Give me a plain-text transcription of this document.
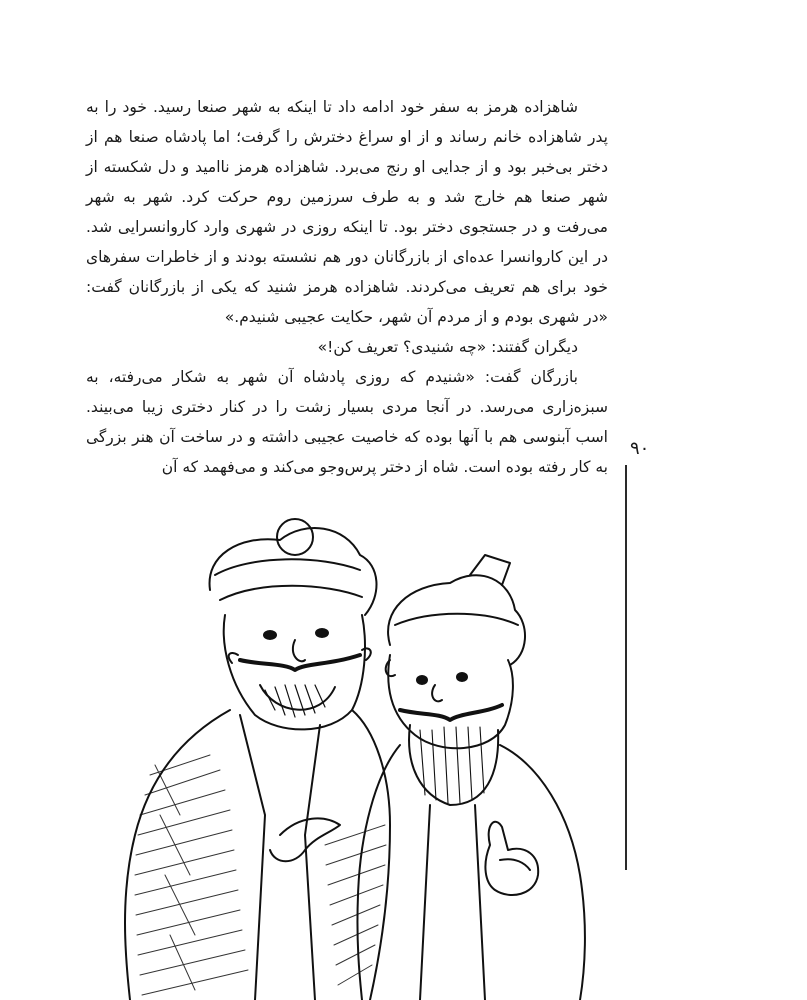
شاهزاده هرمز به سفر خود ادامه داد تا اینکه به شهر صنعا رسید. خود را به پدر شاهزاده خانم رساند و از او سراغ دخترش را گرفت؛ اما پادشاه صنعا هم از دختر بی‌خبر بود و از جدایی او رنج می‌برد. شاهزاده هرمز ناامید و دل شکسته از شهر صنعا هم خارج شد و به طرف سرزمین روم حرکت کرد. شهر به شهر می‌رفت و در جستجوی دختر بود. تا اینکه روزی در شهری وارد کاروانسرایی شد. در این کاروانسرا عده‌ای از بازرگانان دور هم نشسته بودند و از خاطرات سفرهای خود برای هم تعریف می‌کردند. شاهزاده هرمز شنید که یکی از بازرگانان گفت: «در شهری بودم و از مردم آن شهر، حکایت عجیبی شنیدم.»

دیگران گفتند: «چه شنیدی؟ تعریف کن!»

بازرگان گفت: «شنیدم که روزی پادشاه آن شهر به شکار می‌رفته، به سبزه‌زاری می‌رسد. در آنجا مردی بسیار زشت را در کنار دختری زیبا می‌بیند. اسب آبنوسی هم با آنها بوده که خاصیت عجیبی داشته و در ساخت آن هنر بزرگی به کار رفته بوده است. شاه از دختر پرس‌وجو می‌کند و می‌فهمد که آن

۹۰
